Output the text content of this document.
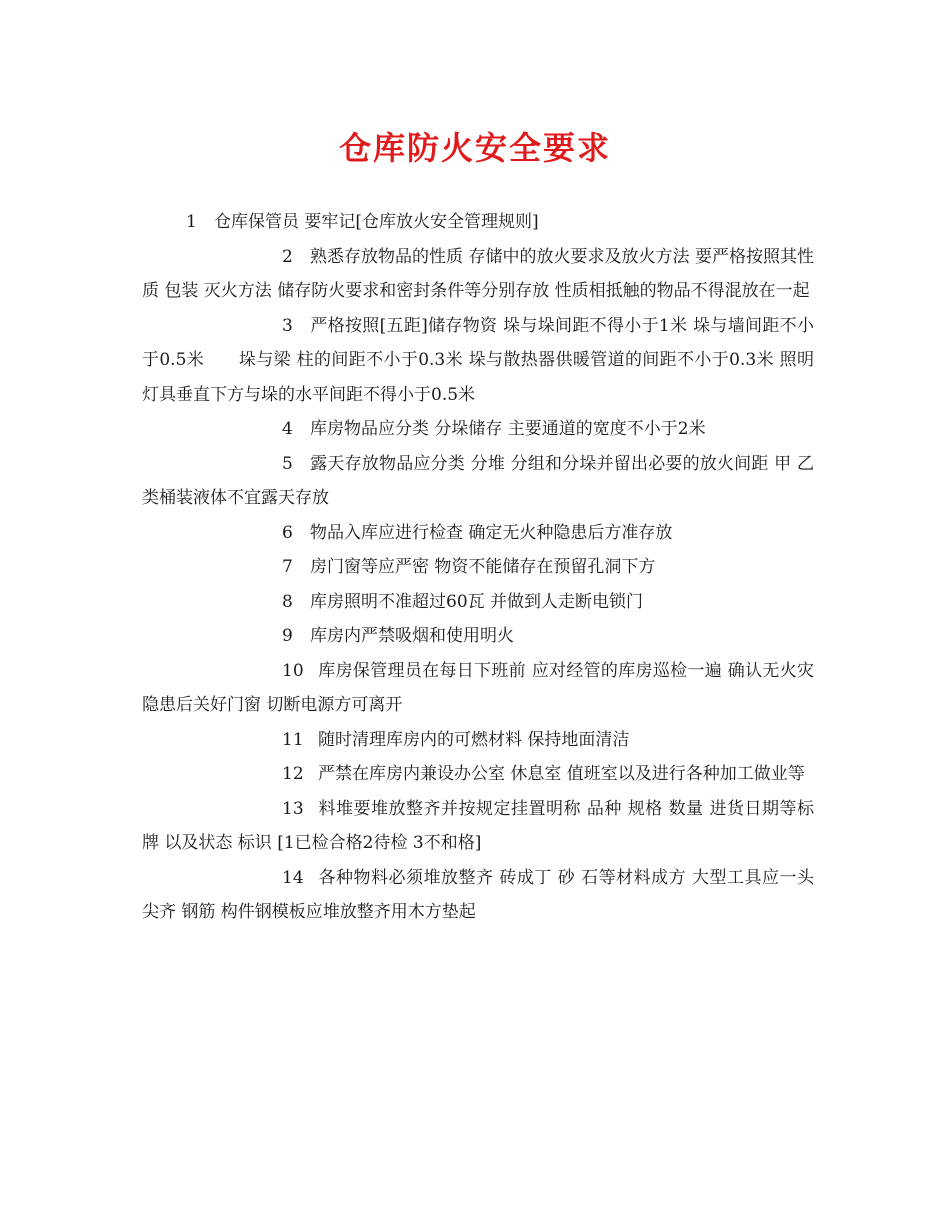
仓库防火安全要求

1 仓库保管员 要牢记[仓库放火安全管理规则]

2 熟悉存放物品的性质 存储中的放火要求及放火方法 要严格按照其性质 包装 灭火方法 储存防火要求和密封条件等分别存放 性质相抵触的物品不得混放在一起

3 严格按照[五距]储存物资 垛与垛间距不得小于1米 垛与墙间距不小于0.5米　　垛与梁 柱的间距不小于0.3米 垛与散热器供暖管道的间距不小于0.3米 照明灯具垂直下方与垛的水平间距不得小于0.5米

4 库房物品应分类 分垛储存 主要通道的宽度不小于2米

5 露天存放物品应分类 分堆 分组和分垛并留出必要的放火间距 甲 乙类桶装液体不宜露天存放

6 物品入库应进行检查 确定无火种隐患后方准存放

7 房门窗等应严密 物资不能储存在预留孔洞下方

8 库房照明不准超过60瓦 并做到人走断电锁门

9 库房内严禁吸烟和使用明火

10 库房保管理员在每日下班前 应对经管的库房巡检一遍 确认无火灾隐患后关好门窗 切断电源方可离开

11 随时清理库房内的可燃材料 保持地面清洁

12 严禁在库房内兼设办公室 休息室 值班室以及进行各种加工做业等

13 料堆要堆放整齐并按规定挂置明称 品种 规格 数量 进货日期等标牌 以及状态 标识 [1已检合格2待检 3不和格]

14 各种物料必须堆放整齐 砖成丁 砂 石等材料成方 大型工具应一头尖齐 钢筋 构件钢模板应堆放整齐用木方垫起
